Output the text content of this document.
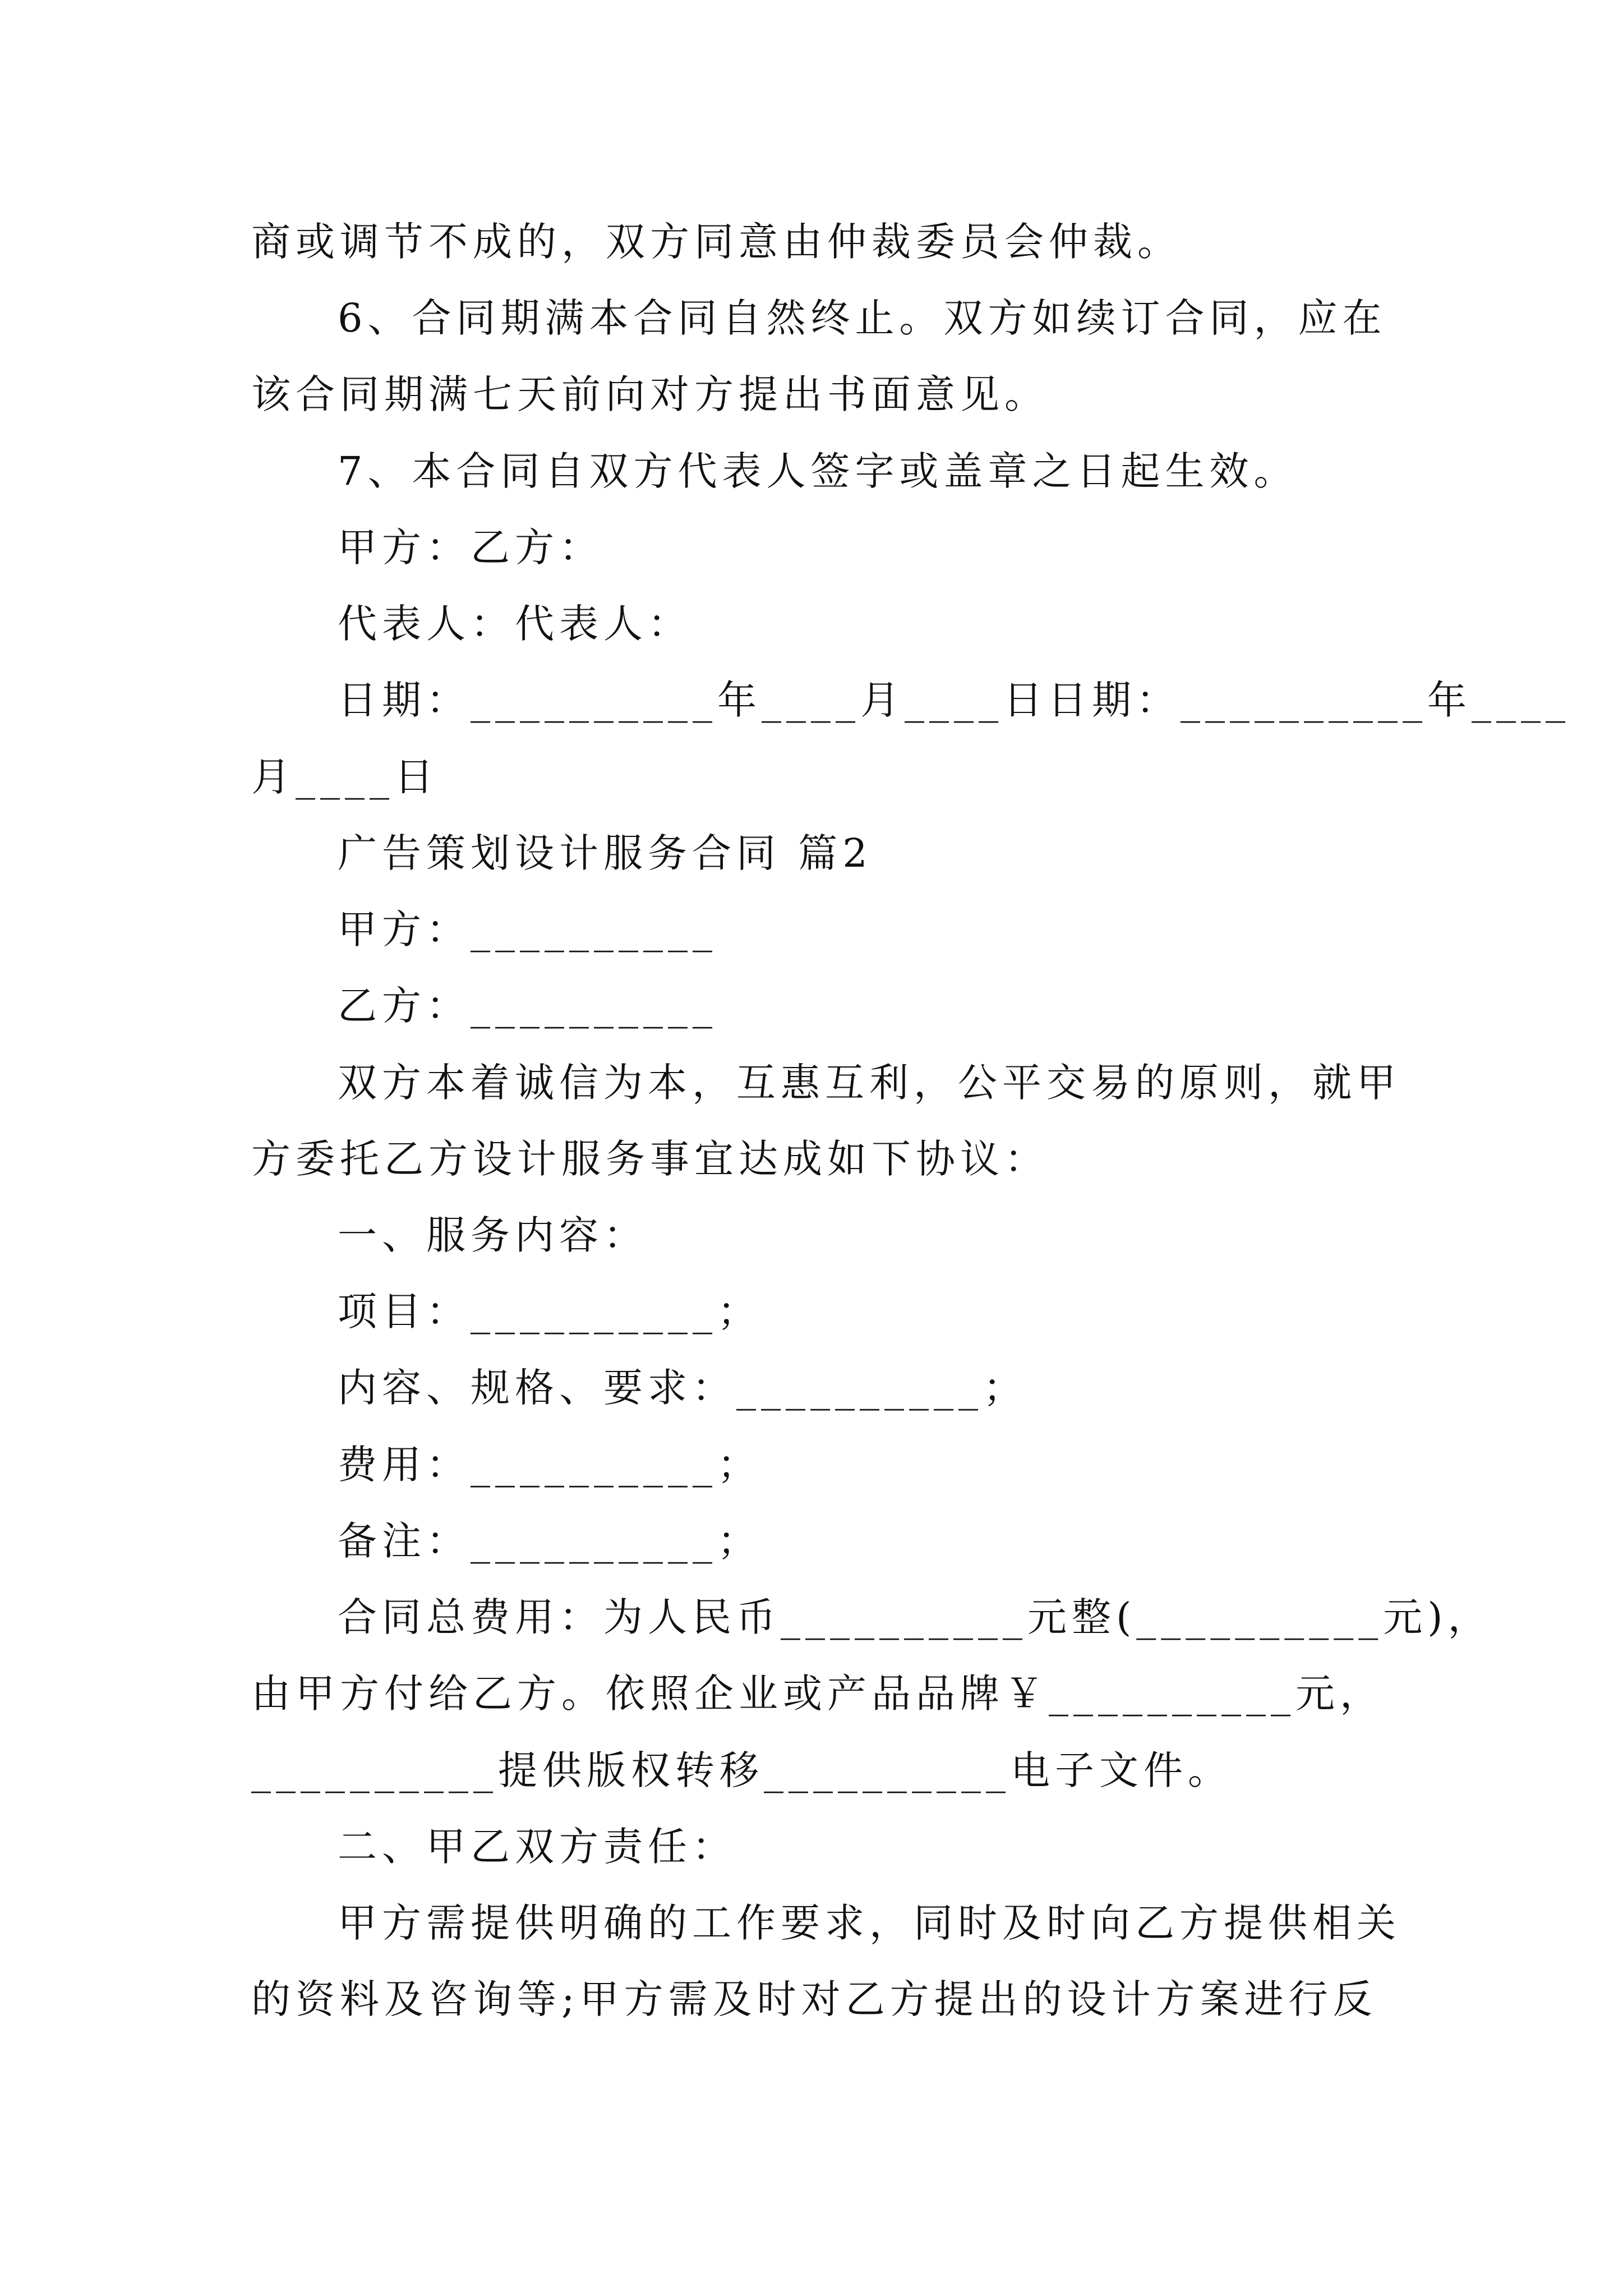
商或调节不成的，双方同意由仲裁委员会仲裁。
6、合同期满本合同自然终止。双方如续订合同，应在
该合同期满七天前向对方提出书面意见。
7、本合同自双方代表人签字或盖章之日起生效。
甲方：乙方：
代表人：代表人：
日期：__________年____月____日日期：__________年____
月____日
广告策划设计服务合同 篇2
甲方：__________
乙方：__________
双方本着诚信为本，互惠互利，公平交易的原则，就甲
方委托乙方设计服务事宜达成如下协议：
一、服务内容：
项目：__________；
内容、规格、要求：__________；
费用：__________；
备注：__________；
合同总费用：为人民币__________元整(__________元)，
由甲方付给乙方。依照企业或产品品牌￥__________元，
__________提供版权转移__________电子文件。
二、甲乙双方责任：
甲方需提供明确的工作要求，同时及时向乙方提供相关
的资料及咨询等;甲方需及时对乙方提出的设计方案进行反
